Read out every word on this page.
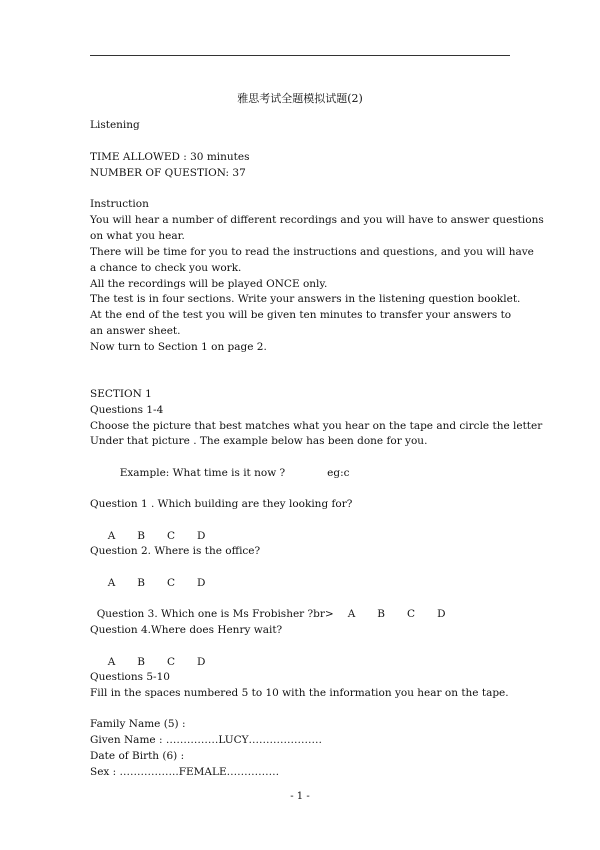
雅思考试全题模拟试题(2)
Listening
TIME ALLOWED : 30 minutes
NUMBER OF QUESTION: 37
Instruction
You will hear a number of different recordings and you will have to answer questions
on what you hear.
There will be time for you to read the instructions and questions, and you will have
a chance to check you work.
All the recordings will be played ONCE only.
The test is in four sections. Write your answers in the listening question booklet.
At the end of the test you will be given ten minutes to transfer your answers to
an answer sheet.
Now turn to Section 1 on page 2.
SECTION 1
Questions 1-4
Choose the picture that best matches what you hear on the tape and circle the letter
Under that picture . The example below has been done for you.

Example: What time is it now ?	eg:c

Question 1 . Which building are they looking for?

A B C D

Question 2. Where is the office?

A B C D

Question 3. Which one is Ms Frobisher ?br> A B C D

Question 4.Where does Henry wait?

A B C D

Questions 5-10
Fill in the spaces numbered 5 to 10 with the information you hear on the tape.
Family Name (5) :
Given Name : ……………LUCY…………………
Date of Birth (6) :
Sex : ……………..FEMALE……………
- 1 -
